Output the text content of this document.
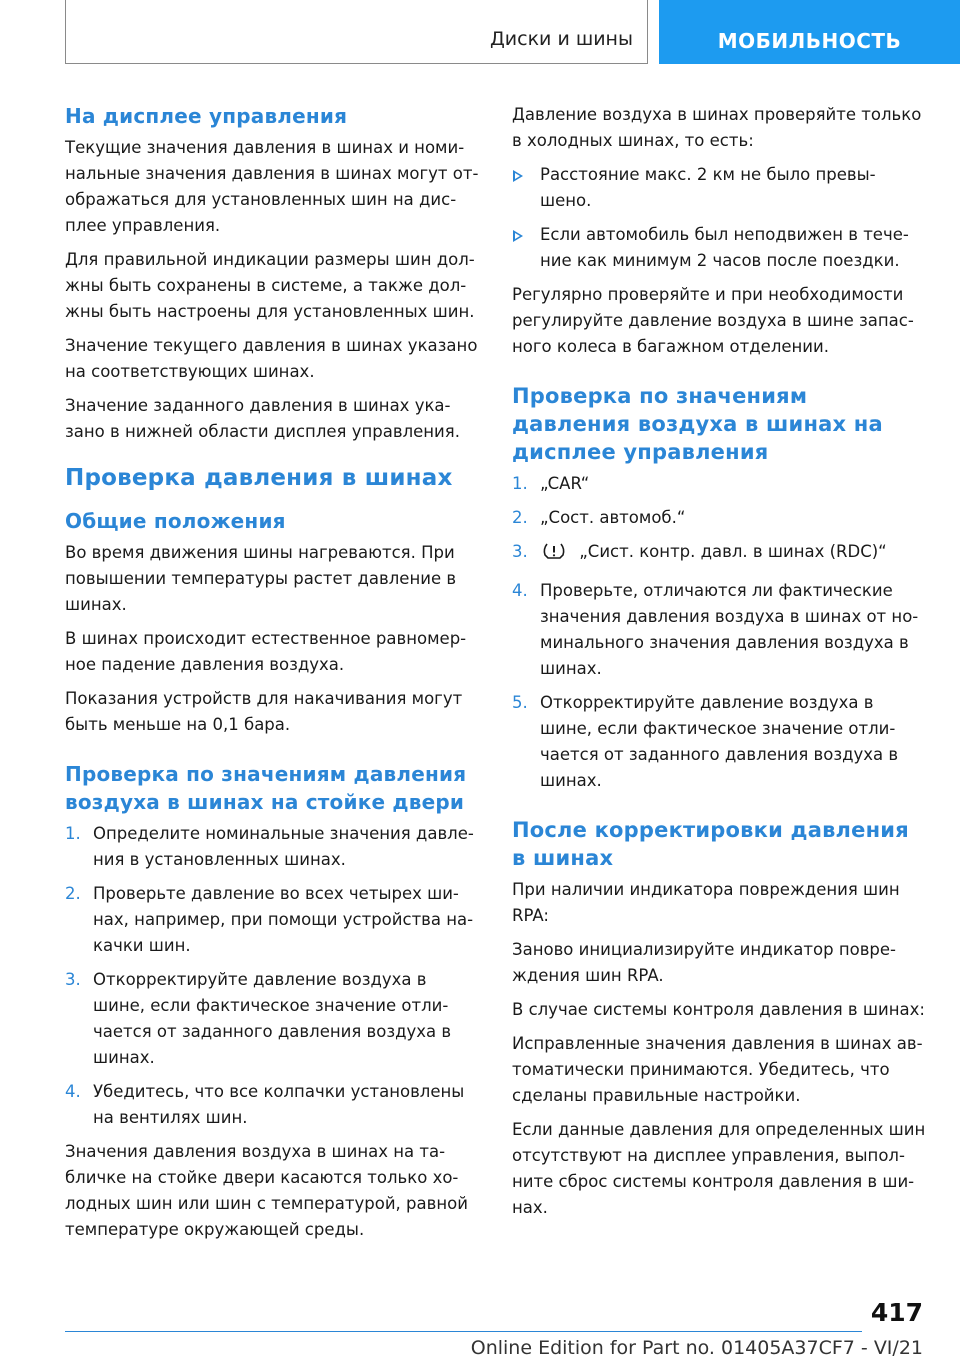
Диски и шины	МОБИЛЬНОСТЬ
На дисплее управления

Текущие значения давления в шинах и номи-нальные значения давления в шинах могут от-ображаться для установленных шин на дис-плее управления.

Для правильной индикации размеры шин дол-жны быть сохранены в системе, а также дол-жны быть настроены для установленных шин.

Значение текущего давления в шинах указано на соответствующих шинах.

Значение заданного давления в шинах ука-зано в нижней области дисплея управления.

Проверка давления в шинах
Общие положения

Во время движения шины нагреваются. При повышении температуры растет давление в шинах.

В шинах происходит естественное равномер-ное падение давления воздуха.

Показания устройств для накачивания могут быть меньше на 0,1 бара.

Проверка по значениям давления воздуха в шинах на стойке двери
1. Определите номинальные значения давле-ния в установленных шинах.
2. Проверьте давление во всех четырех ши-нах, например, при помощи устройства на-качки шин.
3. Откорректируйте давление воздуха в шине, если фактическое значение отли-чается от заданного давления воздуха в шинах.
4. Убедитесь, что все колпачки установлены на вентилях шин.

Значения давления воздуха в шинах на та-бличке на стойке двери касаются только хо-лодных шин или шин с температурой, равной температуре окружающей среды.

Давление воздуха в шинах проверяйте только в холодных шинах, то есть:

Расстояние макс. 2 км не было превы-шено.
Если автомобиль был неподвижен в тече-ние как минимум 2 часов после поездки.

Регулярно проверяйте и при необходимости регулируйте давление воздуха в шине запас-ного колеса в багажном отделении.

Проверка по значениям давления воздуха в шинах на дисплее управления
1. „CAR“
2. „Сост. автомоб.“
3.	„Сист. контр. давл. в шинах (RDC)“
4. Проверьте, отличаются ли фактические значения давления воздуха в шинах от но-минального значения давления воздуха в шинах.
5. Откорректируйте давление воздуха в шине, если фактическое значение отли-чается от заданного давления воздуха в шинах.
После корректировки давления в шинах

При наличии индикатора повреждения шин RPA:

Заново инициализируйте индикатор повре-ждения шин RPA.

В случае системы контроля давления в шинах:

Исправленные значения давления в шинах ав-томатически принимаются. Убедитесь, что сделаны правильные настройки.

Если данные давления для определенных шин отсутствуют на дисплее управления, выпол-ните сброс системы контроля давления в ши-нах.

417
Online Edition for Part no. 01405A37CF7 - VI/21
